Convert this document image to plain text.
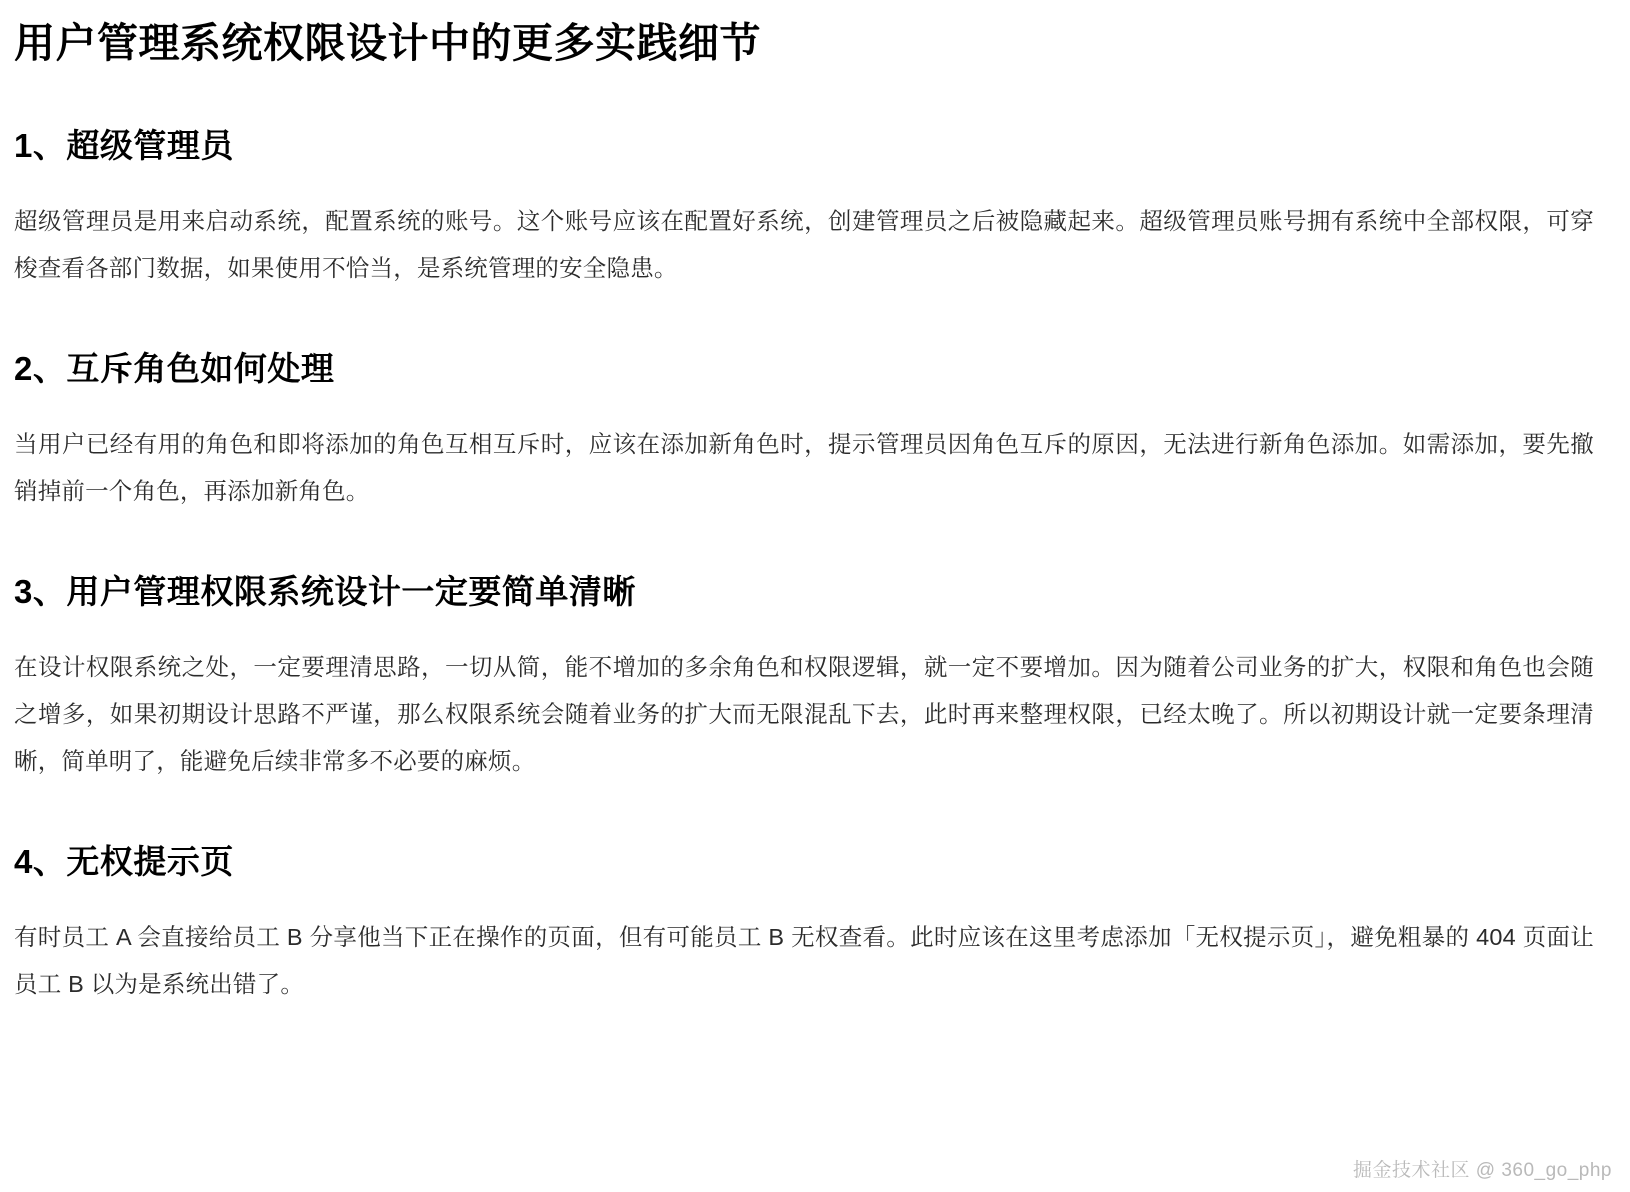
用户管理系统权限设计中的更多实践细节
1、超级管理员

超级管理员是用来启动系统，配置系统的账号。这个账号应该在配置好系统，创建管理员之后被隐藏起来。超级管理员账号拥有系统中全部权限，可穿梭查看各部门数据，如果使用不恰当，是系统管理的安全隐患。

2、互斥角色如何处理

当用户已经有用的角色和即将添加的角色互相互斥时，应该在添加新角色时，提示管理员因角色互斥的原因，无法进行新角色添加。如需添加，要先撤销掉前一个角色，再添加新角色。

3、用户管理权限系统设计一定要简单清晰

在设计权限系统之处，一定要理清思路，一切从简，能不增加的多余角色和权限逻辑，就一定不要增加。因为随着公司业务的扩大，权限和角色也会随之增多，如果初期设计思路不严谨，那么权限系统会随着业务的扩大而无限混乱下去，此时再来整理权限，已经太晚了。所以初期设计就一定要条理清晰，简单明了，能避免后续非常多不必要的麻烦。

4、无权提示页

有时员工 A 会直接给员工 B 分享他当下正在操作的页面，但有可能员工 B 无权查看。此时应该在这里考虑添加「无权提示页」，避免粗暴的 404 页面让员工 B 以为是系统出错了。

掘金技术社区 @ 360_go_php
